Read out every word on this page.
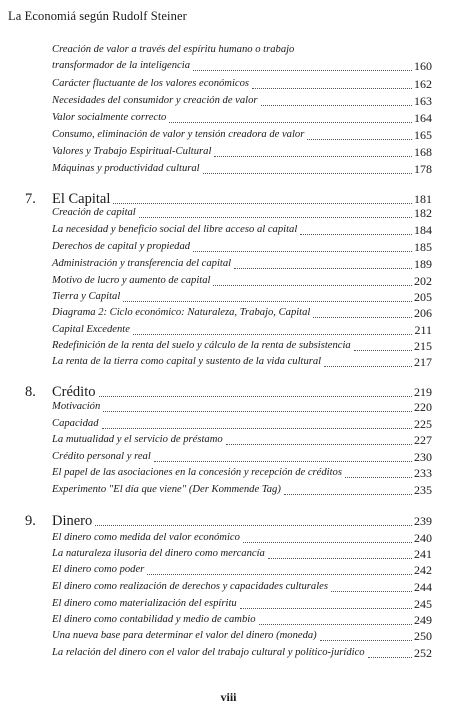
La Economiá según Rudolf Steiner
Creación de valor a través del espíritu humano o trabajo
transformador de la inteligencia	160
Carácter fluctuante de los valores económicos	162
Necesidades del consumidor y creación de valor	163
Valor socialmente correcto	164
Consumo, eliminación de valor y tensión creadora de valor	165
Valores y Trabajo Espiritual-Cultural	168
Máquinas y productividad cultural	178
7.	El Capital	181
Creación de capital	182
La necesidad y beneficio social del libre acceso al capital	184
Derechos de capital y propiedad	185
Administración y transferencia del capital	189
Motivo de lucro y aumento de capital	202
Tierra y Capital	205
Diagrama 2: Ciclo económico: Naturaleza, Trabajo, Capital	206
Capital Excedente	211
Redefinición de la renta del suelo y cálculo de la renta de subsistencia	215
La renta de la tierra como capital y sustento de la vida cultural	217
8.	Crédito	219
Motivación	220
Capacidad	225
La mutualidad y el servicio de préstamo	227
Crédito personal y real	230
El papel de las asociaciones en la concesión y recepción de créditos	233
Experimento "El día que viene" (Der Kommende Tag)	235
9.	Dinero	239
El dinero como medida del valor económico	240
La naturaleza ilusoria del dinero como mercancía	241
El dinero como poder	242
El dinero como realización de derechos y capacidades culturales	244
El dinero como materialización del espíritu	245
El dinero como contabilidad y medio de cambio	249
Una nueva base para determinar el valor del dinero (moneda)	250
La relación del dinero con el valor del trabajo cultural y político-jurídico	252
viii
